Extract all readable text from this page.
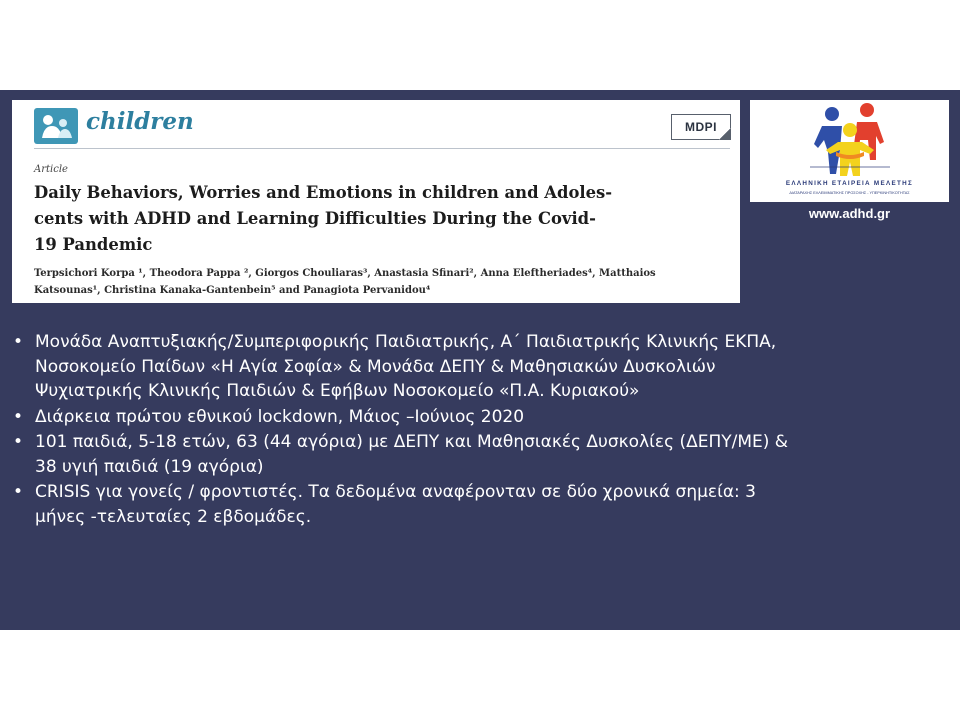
children	MDPI
Article

Daily Behaviors, Worries and Emotions in children and Adoles-
cents with ADHD and Learning Difficulties During the Covid-
19 Pandemic

Terpsichori Korpa ¹, Theodora Pappa ², Giorgos Chouliaras³, Anastasia Sfinari², Anna Eleftheriades⁴, Matthaios
Katsounas¹, Christina Kanaka-Gantenbein⁵ and Panagiota Pervanidou⁴

ΕΛΛΗΝΙΚΗ ΕΤΑΙΡΕΙΑ ΜΕΛΕΤΗΣ
ΔΙΑΤΑΡΑΧΗΣ ΕΛΛΕΙΜΜΑΤΙΚΗΣ ΠΡΟΣΟΧΗΣ - ΥΠΕΡΚΙΝΗΤΙΚΟΤΗΤΑΣ
www.adhd.gr
• Μονάδα Αναπτυξιακής/Συμπεριφορικής Παιδιατρικής, Α΄ Παιδιατρικής Κλινικής ΕΚΠΑ,
Νοσοκομείο Παίδων «Η Αγία Σοφία» & Μονάδα ΔΕΠΥ & Μαθησιακών Δυσκολιών
Ψυχιατρικής Κλινικής Παιδιών & Εφήβων Νοσοκομείο «Π.Α. Κυριακού»
• Διάρκεια πρώτου εθνικού lockdown, Μάιος –Ιούνιος 2020
• 101 παιδιά, 5-18 ετών, 63 (44 αγόρια) με ΔΕΠΥ και Μαθησιακές Δυσκολίες (ΔΕΠΥ/ΜΕ) &
38 υγιή παιδιά (19 αγόρια)
• CRISIS για γονείς / φροντιστές. Τα δεδομένα αναφέρονταν σε δύο χρονικά σημεία: 3
μήνες -τελευταίες 2 εβδομάδες.
